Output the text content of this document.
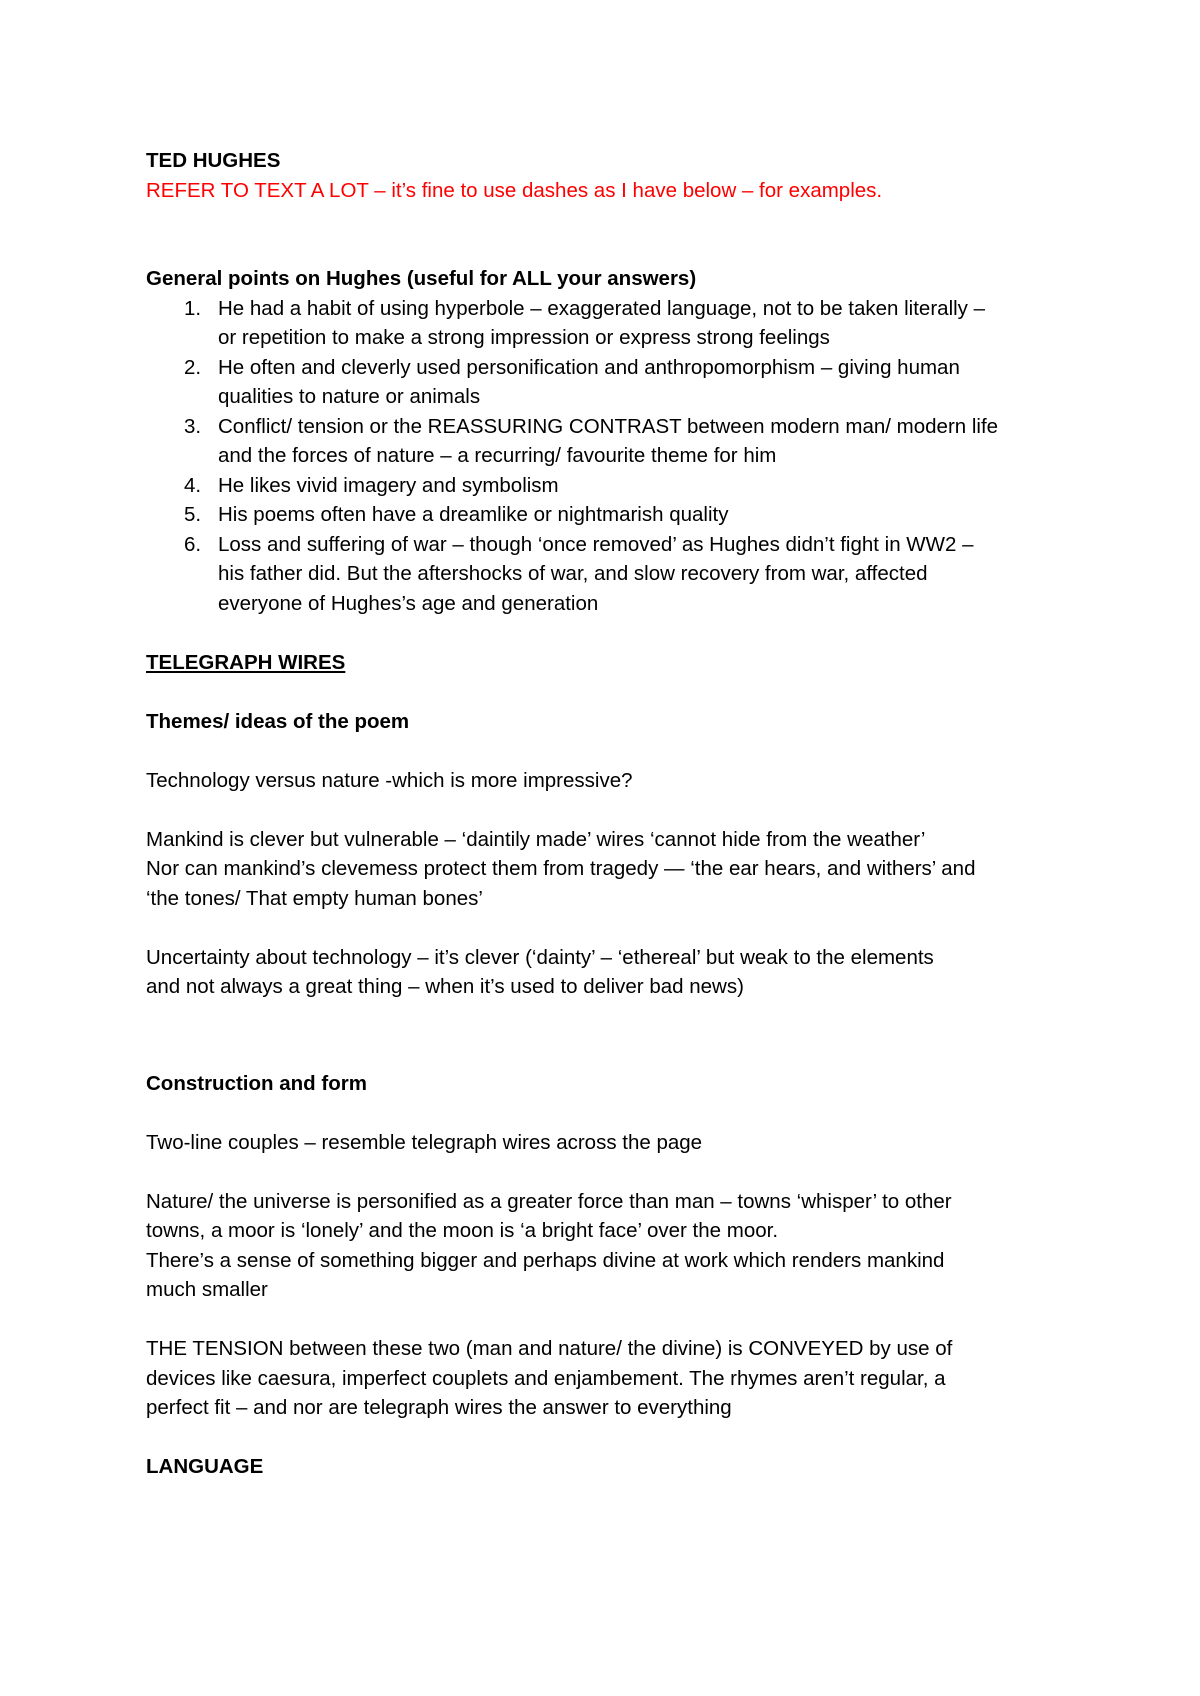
TED HUGHES

REFER TO TEXT A LOT – it’s fine to use dashes as I have below – for examples.

General points on Hughes (useful for ALL your answers)

1. He had a habit of using hyperbole – exaggerated language, not to be taken literally –
or repetition to make a strong impression or express strong feelings
2. He often and cleverly used personification and anthropomorphism – giving human
qualities to nature or animals
3. Conflict/ tension or the REASSURING CONTRAST between modern man/ modern life
and the forces of nature – a recurring/ favourite theme for him
4. He likes vivid imagery and symbolism
5. His poems often have a dreamlike or nightmarish quality
6. Loss and suffering of war – though ‘once removed’ as Hughes didn’t fight in WW2 –
his father did. But the aftershocks of war, and slow recovery from war, affected
everyone of Hughes’s age and generation

TELEGRAPH WIRES

Themes/ ideas of the poem

Technology versus nature -which is more impressive?

Mankind is clever but vulnerable – ‘daintily made’ wires ‘cannot hide from the weather’

Nor can mankind’s clevemess protect them from tragedy — ‘the ear hears, and withers’ and

‘the tones/ That empty human bones’

Uncertainty about technology – it’s clever (‘dainty’ – ‘ethereal’ but weak to the elements

and not always a great thing – when it’s used to deliver bad news)

Construction and form

Two-line couples – resemble telegraph wires across the page

Nature/ the universe is personified as a greater force than man – towns ‘whisper’ to other

towns, a moor is ‘lonely’ and the moon is ‘a bright face’ over the moor.

There’s a sense of something bigger and perhaps divine at work which renders mankind

much smaller

THE TENSION between these two (man and nature/ the divine) is CONVEYED by use of

devices like caesura, imperfect couplets and enjambement. The rhymes aren’t regular, a

perfect fit – and nor are telegraph wires the answer to everything

LANGUAGE
